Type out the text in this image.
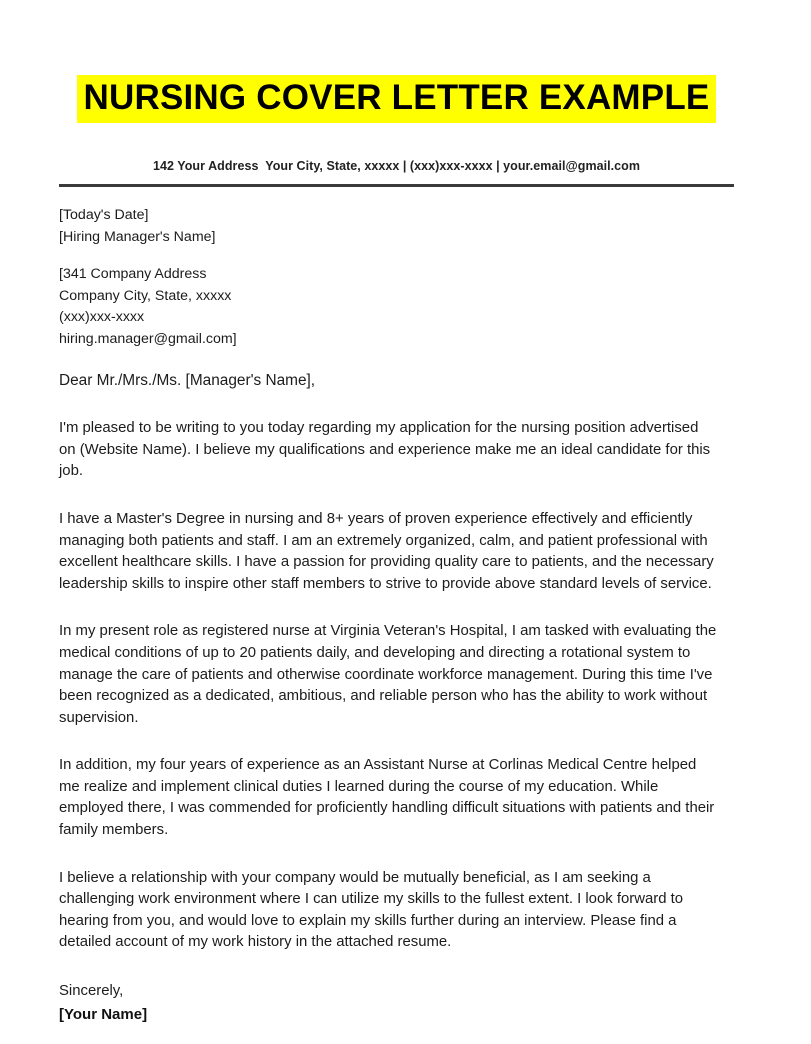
NURSING COVER LETTER EXAMPLE
142 Your Address  Your City, State, xxxxx | (xxx)xxx-xxxx | your.email@gmail.com

[Today's Date]

[Hiring Manager's Name]

[341 Company Address

Company City, State, xxxxx

(xxx)xxx-xxxx

hiring.manager@gmail.com]

Dear Mr./Mrs./Ms. [Manager's Name],

I'm pleased to be writing to you today regarding my application for the nursing position advertised on (Website Name). I believe my qualifications and experience make me an ideal candidate for this job.

I have a Master's Degree in nursing and 8+ years of proven experience effectively and efficiently managing both patients and staff. I am an extremely organized, calm, and patient professional with excellent healthcare skills. I have a passion for providing quality care to patients, and the necessary leadership skills to inspire other staff members to strive to provide above standard levels of service.

In my present role as registered nurse at Virginia Veteran's Hospital, I am tasked with evaluating the medical conditions of up to 20 patients daily, and developing and directing a rotational system to manage the care of patients and otherwise coordinate workforce management. During this time I've been recognized as a dedicated, ambitious, and reliable person who has the ability to work without supervision.

In addition, my four years of experience as an Assistant Nurse at Corlinas Medical Centre helped me realize and implement clinical duties I learned during the course of my education. While employed there, I was commended for proficiently handling difficult situations with patients and their family members.

I believe a relationship with your company would be mutually beneficial, as I am seeking a challenging work environment where I can utilize my skills to the fullest extent. I look forward to hearing from you, and would love to explain my skills further during an interview. Please find a detailed account of my work history in the attached resume.

Sincerely,

[Your Name]
